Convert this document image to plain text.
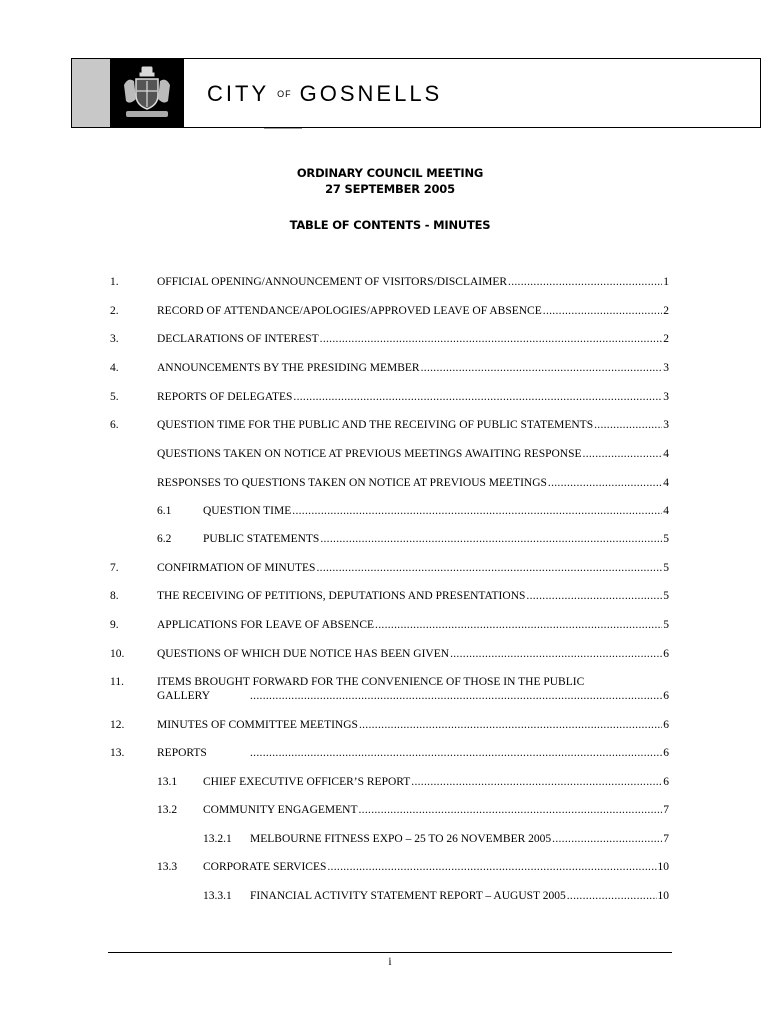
CITY OF GOSNELLS
ORDINARY COUNCIL MEETING
27 SEPTEMBER 2005
TABLE OF CONTENTS - MINUTES
1.	OFFICIAL OPENING/ANNOUNCEMENT OF VISITORS/DISCLAIMER .....	1
2.	RECORD OF ATTENDANCE/APOLOGIES/APPROVED LEAVE OF ABSENCE .....	2
3.	DECLARATIONS OF INTEREST .....	2
4.	ANNOUNCEMENTS BY THE PRESIDING MEMBER .....	3
5.	REPORTS OF DELEGATES .....	3
6.	QUESTION TIME FOR THE PUBLIC AND THE RECEIVING OF PUBLIC STATEMENTS .....	3
QUESTIONS TAKEN ON NOTICE AT PREVIOUS MEETINGS AWAITING RESPONSE .....	4
RESPONSES TO QUESTIONS TAKEN ON NOTICE AT PREVIOUS MEETINGS .....	4
6.1	QUESTION TIME .....	4
6.2	PUBLIC STATEMENTS .....	5
7.	CONFIRMATION OF MINUTES .....	5
8.	THE RECEIVING OF PETITIONS, DEPUTATIONS AND PRESENTATIONS .....	5
9.	APPLICATIONS FOR LEAVE OF ABSENCE .....	5
10.	QUESTIONS OF WHICH DUE NOTICE HAS BEEN GIVEN .....	6
11.	ITEMS BROUGHT FORWARD FOR THE CONVENIENCE OF THOSE IN THE PUBLIC
GALLERY .....	6
12.	MINUTES OF COMMITTEE MEETINGS .....	6
13.	REPORTS .....	6
13.1 CHIEF EXECUTIVE OFFICER’S REPORT .....	6
13.2 COMMUNITY ENGAGEMENT .....	7
13.2.1 MELBOURNE FITNESS EXPO – 25 TO 26 NOVEMBER 2005 .....	7
13.3 CORPORATE SERVICES .....	10
13.3.1 FINANCIAL ACTIVITY STATEMENT REPORT – AUGUST 2005 .....	10
i
